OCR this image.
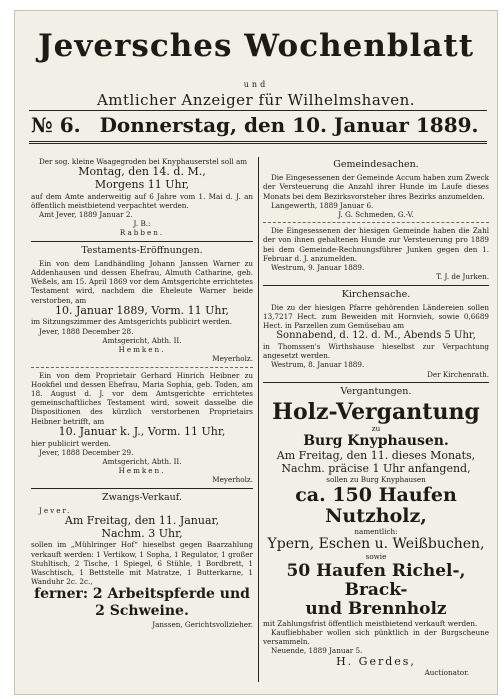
Jeversches Wochenblatt
und
Amtlicher Anzeiger für Wilhelmshaven.
№ 6. Donnerstag, den 10. Januar 1889.
Der sog. kleine Waagegroden bei Knyphauserstel soll am
Montag, den 14. d. M.,
Morgens 11 Uhr,
auf dem Amte anderweitig auf 6 Jahre vom 1. Mai d. J. an öffentlich meistbietend verpachtet werden.
Amt Jever, 1889 Januar 2.
J. B.:
Rabben.
Testaments-Eröffnungen.
Ein von dem Landhändling Johann Janssen Warner zu Addenhausen und dessen Ehefrau, Almuth Catharine, geb. Weßels, am 15. April 1869 vor dem Amtsgerichte errichtetes Testament wird, nachdem die Eheleute Warner beide verstorben, am
10. Januar 1889, Vorm. 11 Uhr,
im Sitzungszimmer des Amtsgerichts publicirt werden.
Jever, 1888 December 28.
Amtsgericht, Abth. II.
Hemken.
Meyerholz.
Ein von dem Proprietair Gerhard Hinrich Heibner zu Hookfiel und dessen Ehefrau, Maria Sophia, geb. Toden, am 18. August d. J. vor dem Amtsgerichte errichtetes gemeinschaftliches Testament wird, soweit dasselbe die Dispositionen des kürzlich verstorbenen Proprietairs Heibner betrifft, am
10. Januar k. J., Vorm. 11 Uhr,
hier publicirt werden.
Jever, 1888 December 29.
Amtsgericht, Abth. II.
Hemken.
Meyerholz.
Zwangs-Verkauf.
Jever.
Am Freitag, den 11. Januar,
Nachm. 3 Uhr,
sollen im „Mühlringer Hof“ hieselbst gegen Baarzahlung verkauft werden: 1 Vertikow, 1 Sopha, 1 Regulator, 1 großer Stuhltisch, 2 Tische, 1 Spiegel, 6 Stühle, 1 Bordbrett, 1 Waschtisch, 1 Bettstelle mit Matratze, 1 Butterkarne, 1 Wanduhr 2c. 2c.,
ferner: 2 Arbeitspferde und
2 Schweine.
Janssen, Gerichtsvollzieher.
Gemeindesachen.
Die Eingesessenen der Gemeinde Accum haben zum Zweck der Versteuerung die Anzahl ihrer Hunde im Laufe dieses Monats bei dem Bezirksvorsteher ihres Bezirks anzumelden.
Langewerth, 1889 Januar 6.
J. G. Schmeden, G.-V.
Die Eingesessenen der hiesigen Gemeinde haben die Zahl der von ihnen gehaltenen Hunde zur Versteuerung pro 1889 bei dem Gemeinde-Rechnungsführer Junken gegen den 1. Februar d. J. anzumelden.
Westrum, 9. Januar 1889.
T. J. de Jurken.
Kirchensache.
Die zu der hiesigen Pfarre gehörenden Ländereien sollen 13,7217 Hect. zum Beweiden mit Hornvieh, sowie 0,6689 Hect. in Parzellen zum Gemüsebau am
Sonnabend, d. 12. d. M., Abends 5 Uhr,
in Thomssen's Wirthshause hieselbst zur Verpachtung angesetzt werden.
Westrum, 8. Januar 1889.
Der Kirchenrath.
Vergantungen.
Holz-Vergantung
zu
Burg Knyphausen.
Am Freitag, den 11. dieses Monats,
Nachm. präcise 1 Uhr anfangend,
sollen zu Burg Knyphausen
ca. 150 Haufen Nutzholz,
namentlich:
Ypern, Eschen u. Weißbuchen,
sowie
50 Haufen Richel-, Brack-
und Brennholz
mit Zahlungsfrist öffentlich meistbietend verkauft werden.
Kaufliebhaber wollen sich pünktlich in der Burgscheune versammeln.
Neuende, 1889 Januar 5.
H. Gerdes,
Auctionator.
